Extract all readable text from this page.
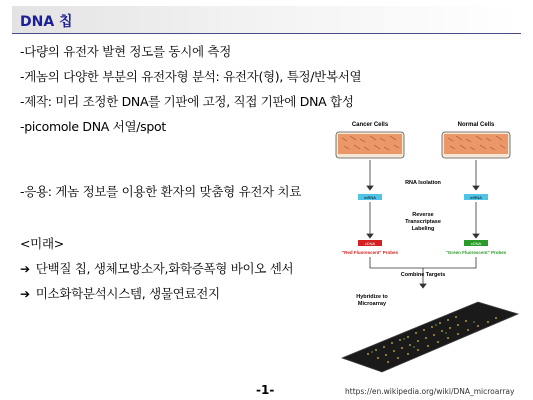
DNA 칩
-다량의 유전자 발현 정도를 동시에 측정
-게놈의 다양한 부분의 유전자형 분석: 유전자(형), 특정/반복서열
-제작: 미리 조정한 DNA를 기판에 고정, 직접 기판에 DNA 합성
-picomole DNA 서열/spot
-응용: 게놈 정보를 이용한 환자의 맞춤형 유전자 치료
<미래>
➔ 단백질 칩, 생체모방소자,화학증폭형 바이오 센서
➔ 미소화학분석시스템, 생물연료전지
Cancer Cells	Normal Cells
RNA Isolation
mRNA	mRNA
Reverse
Transcriptase
Labeling
cDNA	cDNA
"Red Fluorescent" Probes	"Green Fluorescent" Probes
Combine Targets
Hybridize to
Microarray
-1-	https://en.wikipedia.org/wiki/DNA_microarray
